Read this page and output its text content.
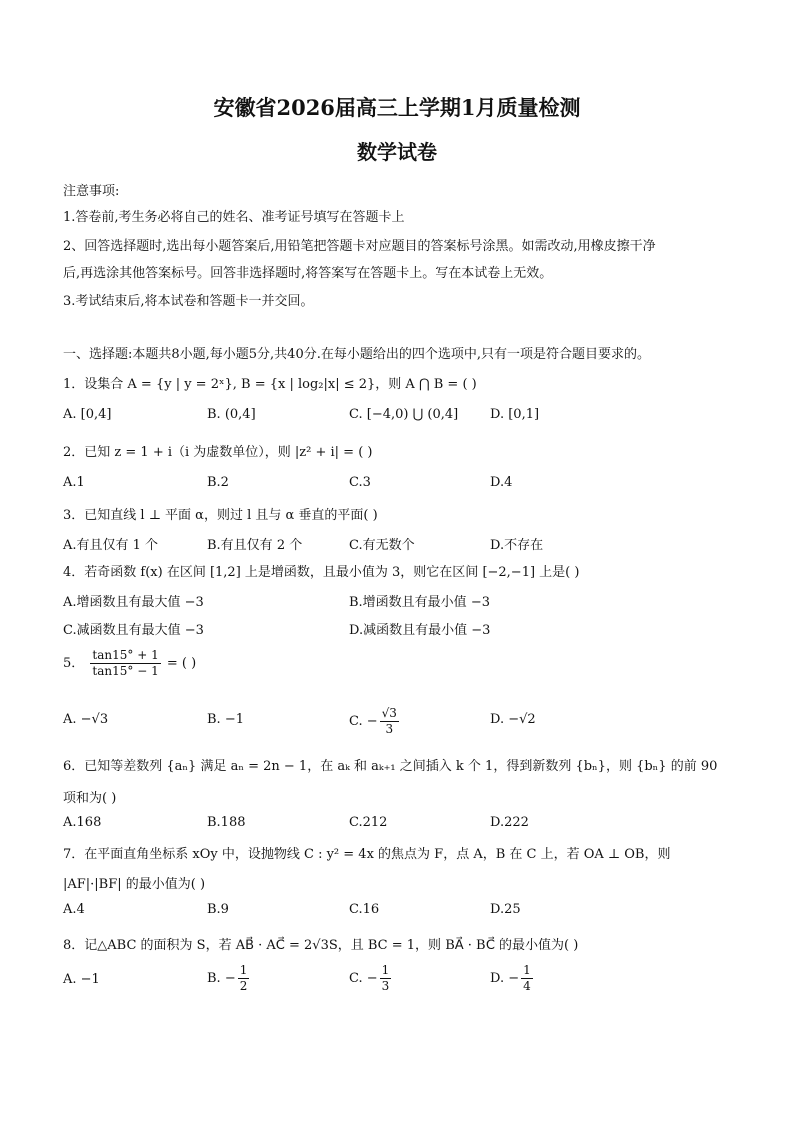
安徽省2026届高三上学期1月质量检测
数学试卷
注意事项:
1.答卷前,考生务必将自己的姓名、准考证号填写在答题卡上
2、回答选择题时,选出每小题答案后,用铅笔把答题卡对应题目的答案标号涂黑。如需改动,用橡皮擦干净
后,再选涂其他答案标号。回答非选择题时,将答案写在答题卡上。写在本试卷上无效。
3.考试结束后,将本试卷和答题卡一并交回。
一、选择题:本题共8小题,每小题5分,共40分.在每小题给出的四个选项中,只有一项是符合题目要求的。
1．设集合 A = {y | y = 2ˣ}, B = {x | log₂|x| ≤ 2}，则 A ⋂ B = ( )
A. [0,4]	B. (0,4]	C. [−4,0) ⋃ (0,4] D. [0,1]
2．已知 z = 1 + i（i 为虚数单位），则 |z² + i| = ( )
A.1	B.2	C.3	D.4
3．已知直线 l ⊥ 平面 α，则过 l 且与 α 垂直的平面( )
A.有且仅有 1 个	B.有且仅有 2 个	C.有无数个	D.不存在
4．若奇函数 f(x) 在区间 [1,2] 上是增函数，且最小值为 3，则它在区间 [−2,−1] 上是( )
A.增函数且有最大值 −3	B.增函数且有最小值 −3
C.减函数且有最大值 −3	D.减函数且有最小值 −3
5． $\frac{\tan 15^\circ + 1}{\tan 15^\circ - 1}$ = ( )
A. −√3	B. −1	C. − $\frac{√3}{3}$	D. −√2
6．已知等差数列 {aₙ} 满足 aₙ = 2n − 1，在 aₖ 和 aₖ₊₁ 之间插入 k 个 1，得到新数列 {bₙ}，则 {bₙ} 的前 90
项和为( )
A.168	B.188	C.212	D.222
7．在平面直角坐标系 xOy 中，设抛物线 C : y² = 4x 的焦点为 F，点 A，B 在 C 上，若 OA ⊥ OB，则
|AF|·|BF| 的最小值为( )
A.4	B.9	C.16	D.25
8．记△ABC 的面积为 S，若 AB⃗ · AC⃗ = 2√3S，且 BC = 1，则 BA⃗ · BC⃗ 的最小值为( )
A. −1	B. − $\frac{1}{2}$	C. − $\frac{1}{3}$	D. − $\frac{1}{4}$
